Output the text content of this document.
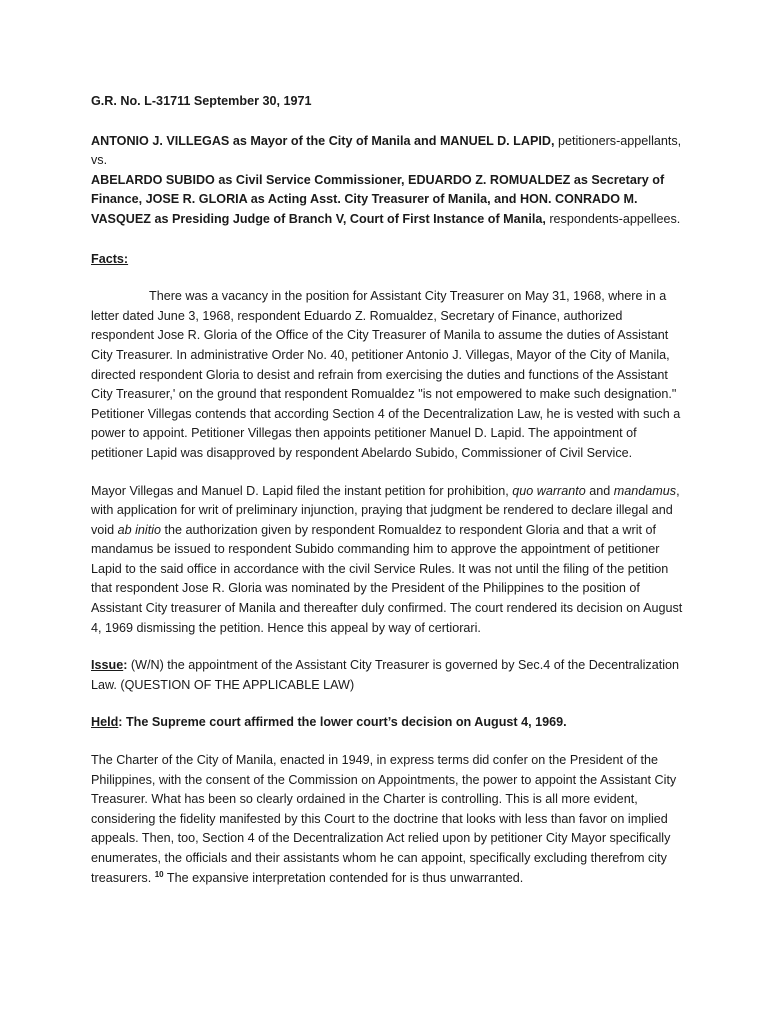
G.R. No. L-31711 September 30, 1971

ANTONIO J. VILLEGAS as Mayor of the City of Manila and MANUEL D. LAPID, petitioners-appellants,
vs.
ABELARDO SUBIDO as Civil Service Commissioner, EDUARDO Z. ROMUALDEZ as Secretary of Finance, JOSE R. GLORIA as Acting Asst. City Treasurer of Manila, and HON. CONRADO M. VASQUEZ as Presiding Judge of Branch V, Court of First Instance of Manila, respondents-appellees.

Facts:

There was a vacancy in the position for Assistant City Treasurer on May 31, 1968, where in a letter dated June 3, 1968, respondent Eduardo Z. Romualdez, Secretary of Finance, authorized respondent Jose R. Gloria of the Office of the City Treasurer of Manila to assume the duties of Assistant City Treasurer. In administrative Order No. 40, petitioner Antonio J. Villegas, Mayor of the City of Manila, directed respondent Gloria to desist and refrain from exercising the duties and functions of the Assistant City Treasurer,' on the ground that respondent Romualdez "is not empowered to make such designation." Petitioner Villegas contends that according Section 4 of the Decentralization Law, he is vested with such a power to appoint. Petitioner Villegas then appoints petitioner Manuel D. Lapid. The appointment of petitioner Lapid was disapproved by respondent Abelardo Subido, Commissioner of Civil Service.

Mayor Villegas and Manuel D. Lapid filed the instant petition for prohibition, quo warranto and mandamus, with application for writ of preliminary injunction, praying that judgment be rendered to declare illegal and void ab initio the authorization given by respondent Romualdez to respondent Gloria and that a writ of mandamus be issued to respondent Subido commanding him to approve the appointment of petitioner Lapid to the said office in accordance with the civil Service Rules. It was not until the filing of the petition that respondent Jose R. Gloria was nominated by the President of the Philippines to the position of Assistant City treasurer of Manila and thereafter duly confirmed. The court rendered its decision on August 4, 1969 dismissing the petition. Hence this appeal by way of certiorari.

Issue: (W/N) the appointment of the Assistant City Treasurer is governed by Sec.4 of the Decentralization Law. (QUESTION OF THE APPLICABLE LAW)

Held: The Supreme court affirmed the lower court’s decision on August 4, 1969.

The Charter of the City of Manila, enacted in 1949, in express terms did confer on the President of the Philippines, with the consent of the Commission on Appointments, the power to appoint the Assistant City Treasurer. What has been so clearly ordained in the Charter is controlling. This is all more evident, considering the fidelity manifested by this Court to the doctrine that looks with less than favor on implied appeals. Then, too, Section 4 of the Decentralization Act relied upon by petitioner City Mayor specifically enumerates, the officials and their assistants whom he can appoint, specifically excluding therefrom city treasurers. $^{10}$ The expansive interpretation contended for is thus unwarranted.
